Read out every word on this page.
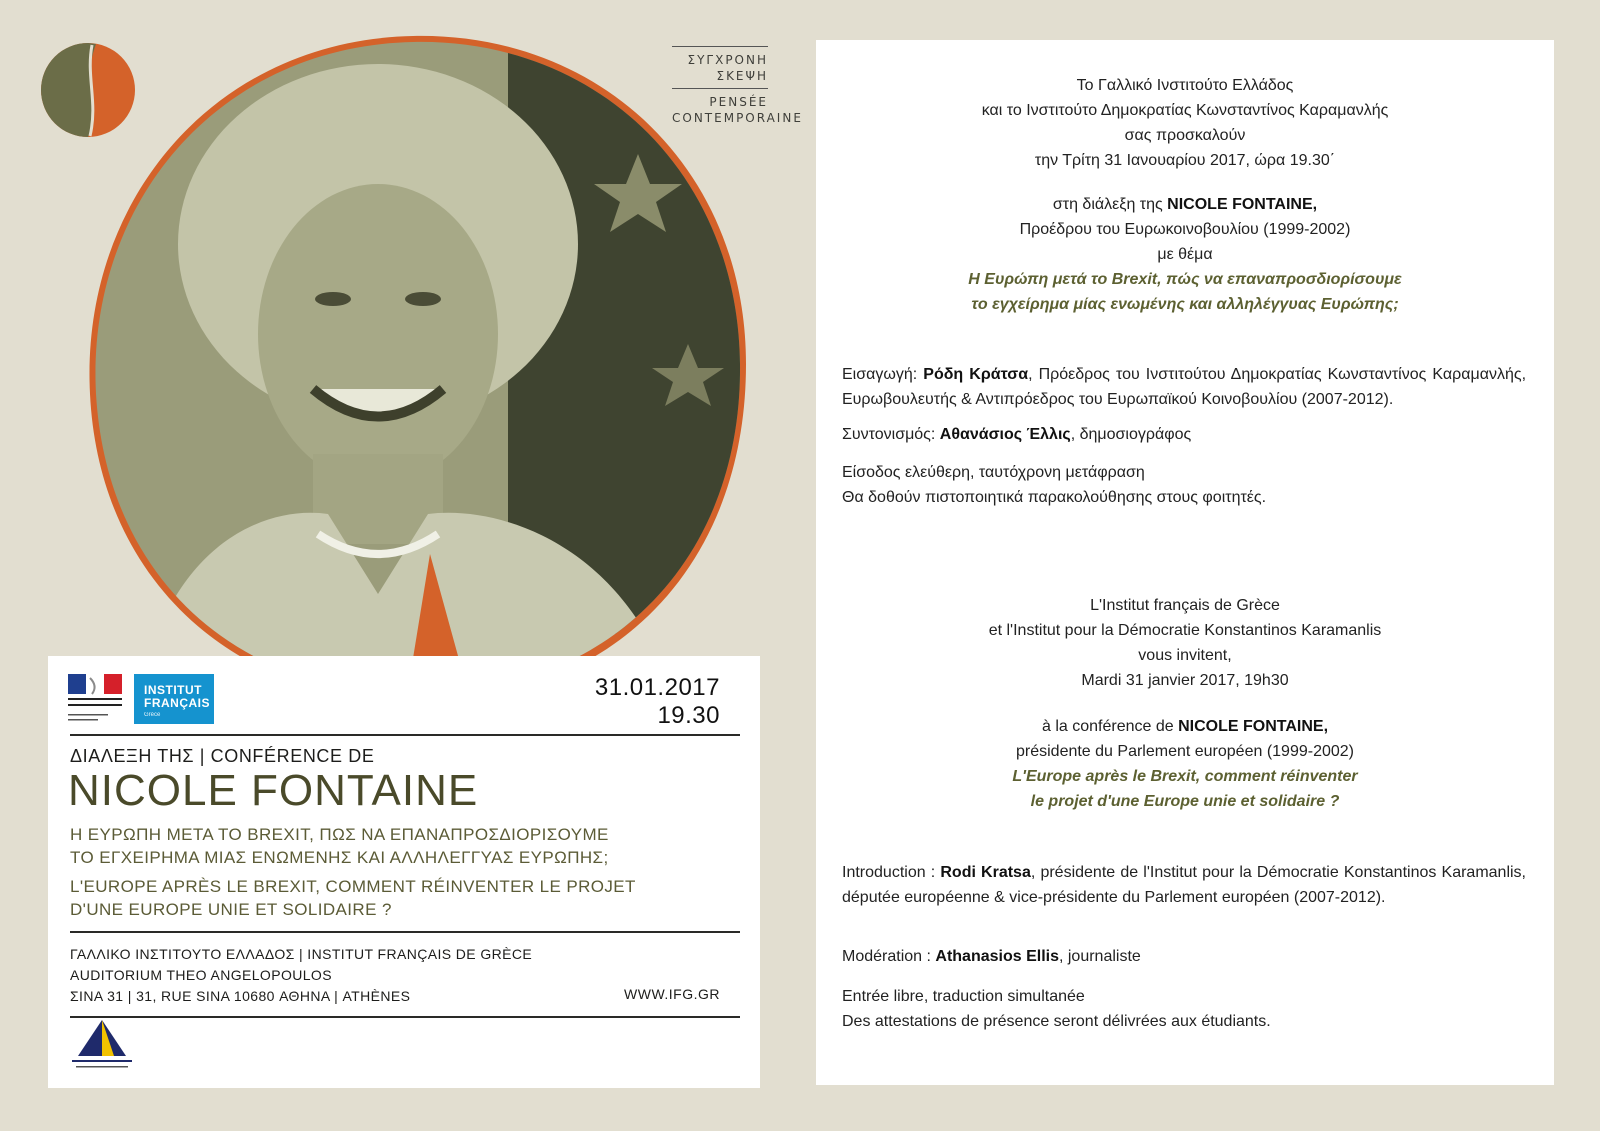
ΣΥΓΧΡΟΝΗ
ΣΚΕΨΗ
PENSÉE
CONTEMPORAINE
INSTITUT
FRANÇAIS
Grèce
31.01.2017
19.30
ΔΙΑΛΕΞΗ ΤΗΣ | CONFÉRENCE DE
NICOLE FONTAINE
Η ΕΥΡΩΠΗ ΜΕΤΑ ΤΟ BREXIT, ΠΩΣ ΝΑ ΕΠΑΝΑΠΡΟΣΔΙΟΡΙΣΟΥΜΕ
ΤΟ ΕΓΧΕΙΡΗΜΑ ΜΙΑΣ ΕΝΩΜΕΝΗΣ ΚΑΙ ΑΛΛΗΛΕΓΓΥΑΣ ΕΥΡΩΠΗΣ;
L'EUROPE APRÈS LE BREXIT, COMMENT RÉINVENTER LE PROJET
D'UNE EUROPE UNIE ET SOLIDAIRE ?
ΓΑΛΛΙΚΟ ΙΝΣΤΙΤΟΥΤΟ ΕΛΛΑΔΟΣ | INSTITUT FRANÇAIS DE GRÈCE
AUDITORIUM THEO ANGELOPOULOS
ΣΙΝΑ 31 | 31, RUE SINA 10680 ΑΘΗΝΑ | ATHÈNES	WWW.IFG.GR
Το Γαλλικό Ινστιτούτο Ελλάδος
και το Ινστιτούτο Δημοκρατίας Κωνσταντίνος Καραμανλής
σας προσκαλούν
την Τρίτη 31 Ιανουαρίου 2017, ώρα 19.30΄
στη διάλεξη της NICOLE FONTAINE,
Προέδρου του Ευρωκοινοβουλίου (1999-2002)
με θέμα
Η Ευρώπη μετά το Brexit, πώς να επαναπροσδιορίσουμε
το εγχείρημα μίας ενωμένης και αλληλέγγυας Ευρώπης;
Εισαγωγή: Ρόδη Κράτσα, Πρόεδρος του Ινστιτούτου Δημοκρατίας Κωνσταντίνος Καραμανλής, Ευρωβουλευτής & Αντιπρόεδρος του Ευρωπαϊκού Κοινοβουλίου (2007-2012).
Συντονισμός: Αθανάσιος Έλλις, δημοσιογράφος
Είσοδος ελεύθερη, ταυτόχρονη μετάφραση
Θα δοθούν πιστοποιητικά παρακολούθησης στους φοιτητές.
L'Institut français de Grèce
et l'Institut pour la Démocratie Konstantinos Karamanlis
vous invitent,
Mardi 31 janvier 2017, 19h30
à la conférence de NICOLE FONTAINE,
présidente du Parlement européen (1999-2002)
L'Europe après le Brexit, comment réinventer
le projet d'une Europe unie et solidaire ?
Introduction : Rodi Kratsa, présidente de l'Institut pour la Démocratie Konstantinos Karamanlis, députée européenne & vice-présidente du Parlement européen (2007-2012).
Modération : Athanasios Ellis, journaliste
Entrée libre, traduction simultanée
Des attestations de présence seront délivrées aux étudiants.
